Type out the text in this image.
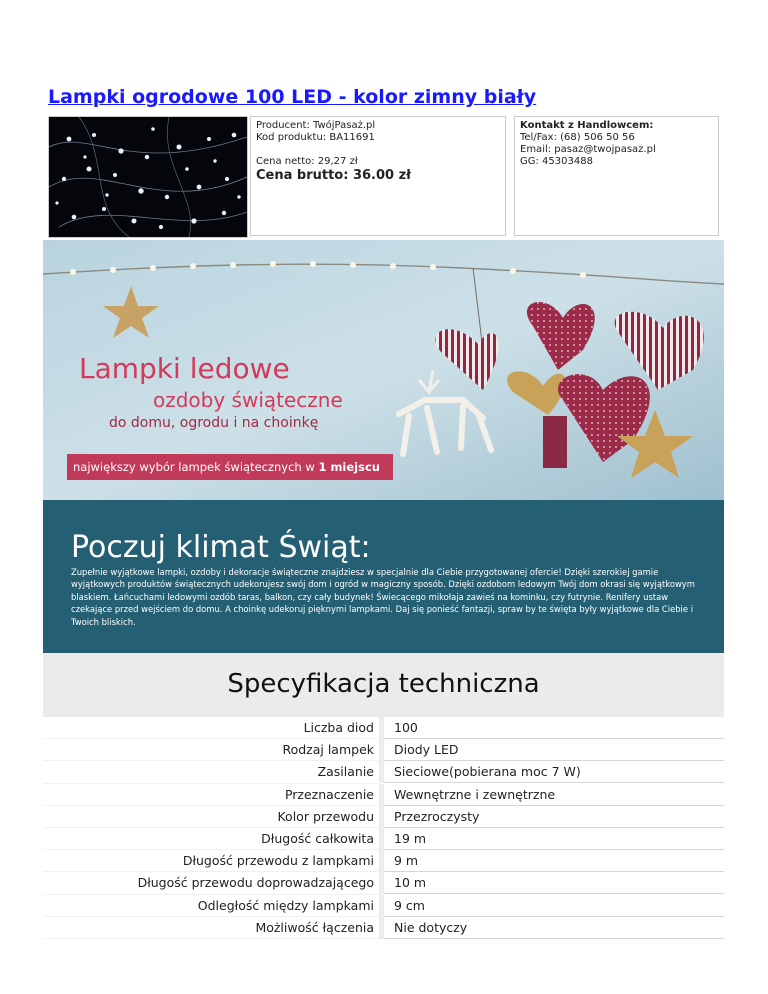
Lampki ogrodowe 100 LED - kolor zimny biały
Producent: TwójPasaż.pl
Kod produktu: BA11691
Cena netto: 29,27 zł
Cena brutto: 36.00 zł
Kontakt z Handlowcem:
Tel/Fax: (68) 506 50 56
Email: pasaz@twojpasaz.pl
GG: 45303488
Lampki ledowe
ozdoby świąteczne
do domu, ogrodu i na choinkę
największy wybór lampek świątecznych w 1 miejscu
Poczuj klimat Świąt:

Zupełnie wyjątkowe lampki, ozdoby i dekoracje świąteczne znajdziesz w specjalnie dla Ciebie przygotowanej ofercie! Dzięki szerokiej gamie wyjątkowych produktów świątecznych udekorujesz swój dom i ogród w magiczny sposób. Dzięki ozdobom ledowym Twój dom okrasi się wyjątkowym blaskiem. Łańcuchami ledowymi ozdób taras, balkon, czy cały budynek! Świecącego mikołaja zawieś na kominku, czy futrynie. Renifery ustaw czekające przed wejściem do domu. A choinkę udekoruj pięknymi lampkami. Daj się ponieść fantazji, spraw by te święta były wyjątkowe dla Ciebie i Twoich bliskich.

Specyfikacja techniczna
Liczba diod	100
Rodzaj lampek	Diody LED
Zasilanie	Sieciowe(pobierana moc 7 W)
Przeznaczenie	Wewnętrzne i zewnętrzne
Kolor przewodu	Przezroczysty
Długość całkowita	19 m
Długość przewodu z lampkami	9 m
Długość przewodu doprowadzającego	10 m
Odległość między lampkami	9 cm
Możliwość łączenia	Nie dotyczy
